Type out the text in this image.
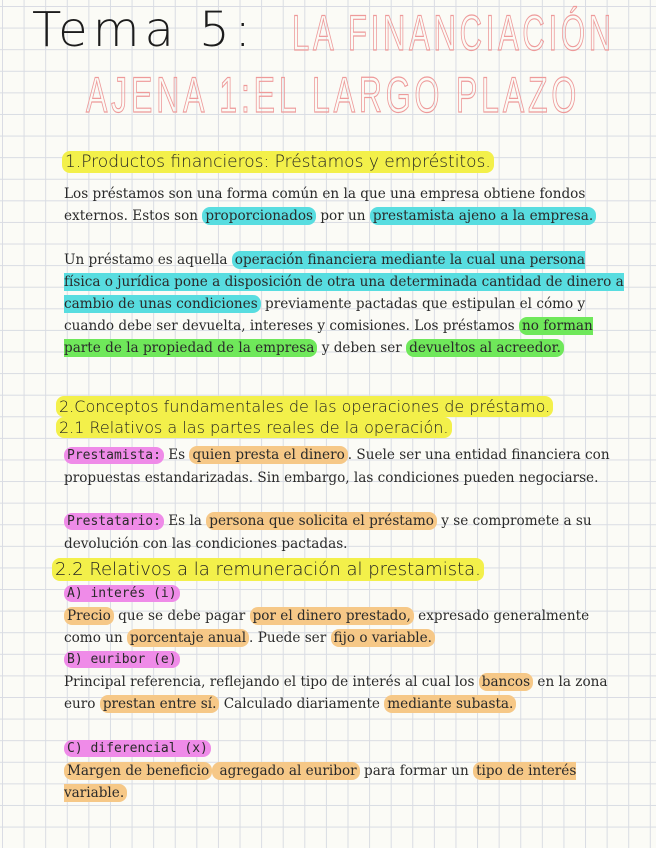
Tema 5: LA FINANCIACIÓN
AJENA 1:EL LARGO PLAZO
1.Productos financieros: Préstamos y empréstitos.

Los préstamos son una forma común en la que una empresa obtiene fondos externos. Estos son proporcionados por un prestamista ajeno a la empresa.

Un préstamo es aquella operación financiera mediante la cual una persona física o jurídica pone a disposición de otra una determinada cantidad de dinero a cambio de unas condiciones previamente pactadas que estipulan el cómo y cuando debe ser devuelta, intereses y comisiones. Los préstamos no forman parte de la propiedad de la empresa y deben ser devueltos al acreedor.

2.Conceptos fundamentales de las operaciones de préstamo.
2.1 Relativos a las partes reales de la operación.

Prestamista: Es quien presta el dinero . Suele ser una entidad financiera con propuestas estandarizadas. Sin embargo, las condiciones pueden negociarse.

Prestatario: Es la persona que solicita el préstamo y se compromete a su devolución con las condiciones pactadas.

2.2 Relativos a la remuneración al prestamista.

A) interés (i)

Precio que se debe pagar por el dinero prestado, expresado generalmente como un porcentaje anual . Puede ser fijo o variable.

B) euribor (e)

Principal referencia, reflejando el tipo de interés al cual los bancos en la zona euro prestan entre sí. Calculado diariamente mediante subasta.

C) diferencial (x)

Margen de beneficio agregado al euribor para formar un tipo de interés variable.
